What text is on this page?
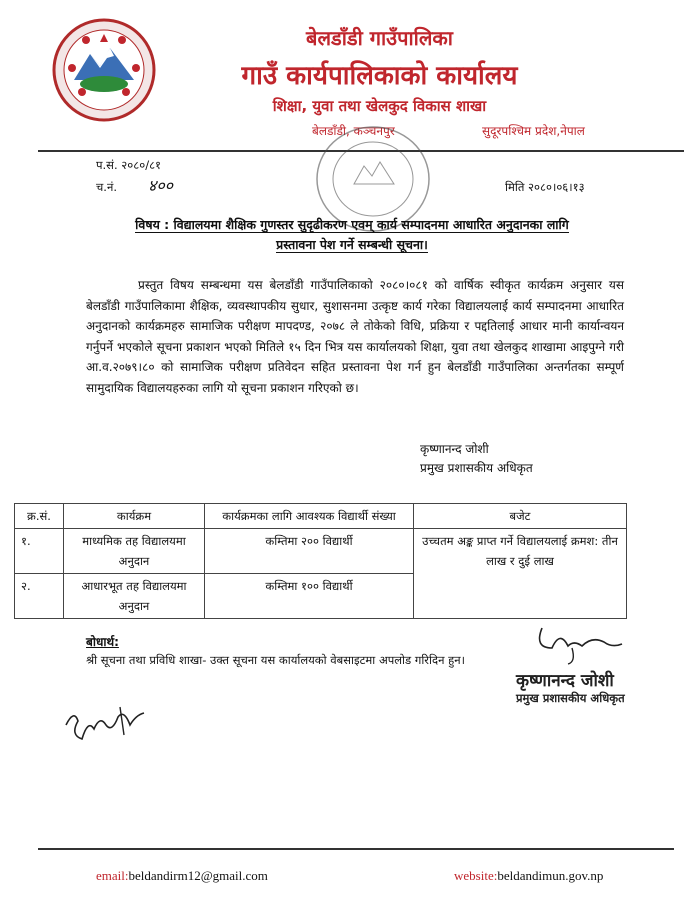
बेलडाँडी गाउँपालिका
गाउँ कार्यपालिकाको कार्यालय
शिक्षा, युवा तथा खेलकुद विकास शाखा
बेलडाँडी, कञ्चनपुर	सुदूरपश्चिम प्रदेश,नेपाल
प.सं. २०८०/८१
च.नं. ४००	मिति २०८०।०६।१३
विषय : विद्यालयमा शैक्षिक गुणस्तर सुदृढीकरण एवम् कार्य सम्पादनमा आधारित अनुदानका लागि
प्रस्तावना पेश गर्ने सम्बन्धी सूचना।
प्रस्तुत विषय सम्बन्धमा यस बेलडाँडी गाउँपालिकाको २०८०।०८१ को वार्षिक स्वीकृत कार्यक्रम अनुसार यस बेलडाँडी गाउँपालिकामा शैक्षिक, व्यवस्थापकीय सुधार, सुशासनमा उत्कृष्ट कार्य गरेका विद्यालयलाई कार्य सम्पादनमा आधारित अनुदानको कार्यक्रमहरु सामाजिक परीक्षण मापदण्ड, २०७८ ले तोकेको विधि, प्रक्रिया र पद्दतिलाई आधार मानी कार्यान्वयन गर्नुपर्ने भएकोले सूचना प्रकाशन भएको मितिले १५ दिन भित्र यस कार्यालयको शिक्षा, युवा तथा खेलकुद शाखामा आइपुग्ने गरी आ.व.२०७९।८० को सामाजिक परीक्षण प्रतिवेदन सहित प्रस्तावना पेश गर्न हुन बेलडाँडी गाउँपालिका अन्तर्गतका सम्पूर्ण सामुदायिक विद्यालयहरुका लागि यो सूचना प्रकाशन गरिएको छ।
कृष्णानन्द जोशी
प्रमुख प्रशासकीय अधिकृत
क्र.सं.	कार्यक्रम	कार्यक्रमका लागि आवश्यक विद्यार्थी संख्या	बजेट
१.	माध्यमिक तह विद्यालयमा अनुदान	कम्तिमा २०० विद्यार्थी	उच्चतम अङ्क प्राप्त गर्ने विद्यालयलाई क्रमश: तीन लाख र दुई लाख
२.	आधारभूत तह विद्यालयमा अनुदान	कम्तिमा १०० विद्यार्थी	
बोधार्थ:
श्री सूचना तथा प्रविधि शाखा- उक्त सूचना यस कार्यालयको वेबसाइटमा अपलोड गरिदिन हुन।
कृष्णानन्द जोशी
प्रमुख प्रशासकीय अधिकृत
email:beldandirm12@gmail.com	website:beldandimun.gov.np
